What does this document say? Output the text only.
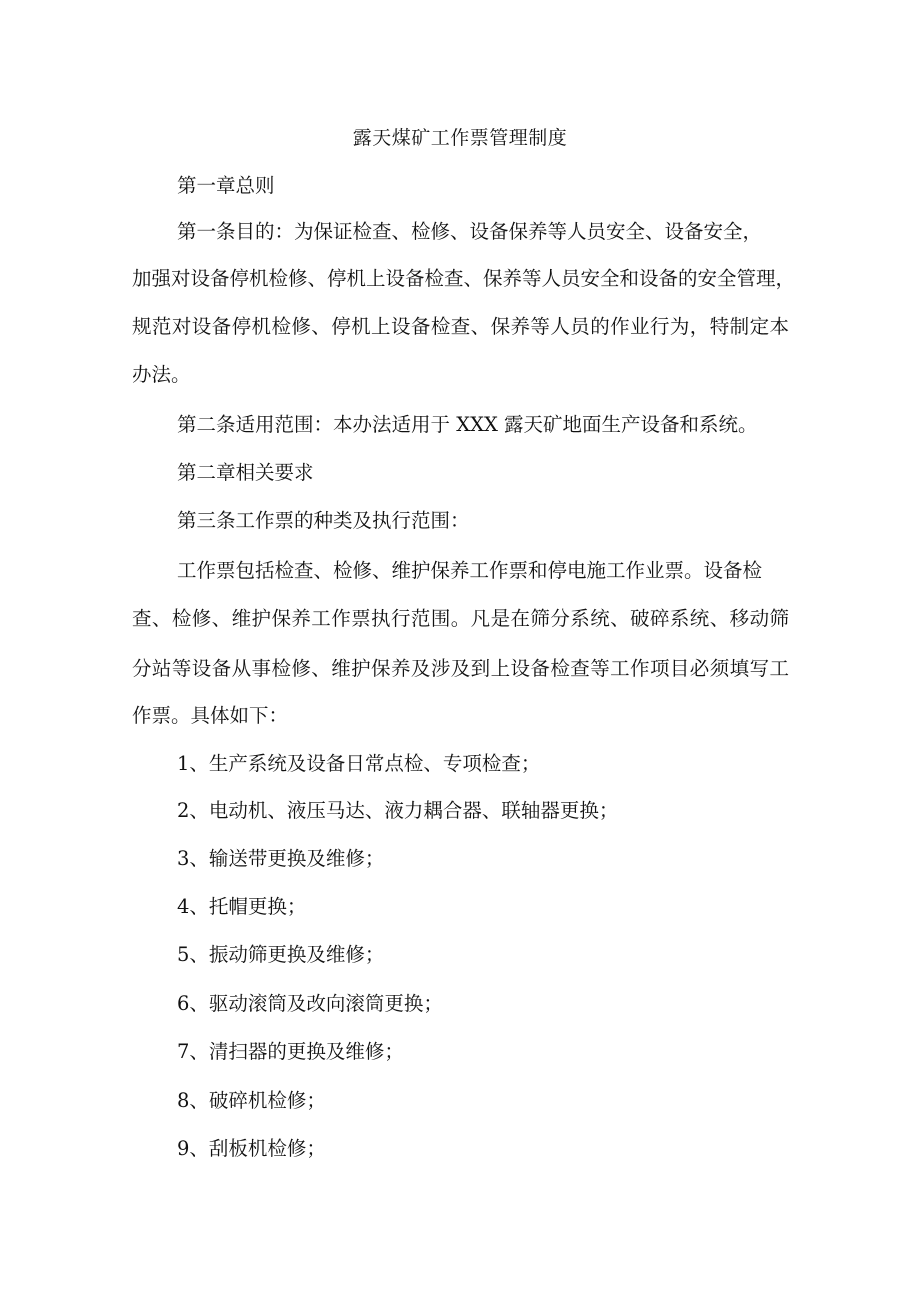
露天煤矿工作票管理制度
第一章总则
第一条目的：为保证检查、检修、设备保养等人员安全、设备安全，
加强对设备停机检修、停机上设备检查、保养等人员安全和设备的安全管理，
规范对设备停机检修、停机上设备检查、保养等人员的作业行为，特制定本
办法。
第二条适用范围：本办法适用于 XXX 露天矿地面生产设备和系统。
第二章相关要求
第三条工作票的种类及执行范围：
工作票包括检查、检修、维护保养工作票和停电施工作业票。设备检
查、检修、维护保养工作票执行范围。凡是在筛分系统、破碎系统、移动筛
分站等设备从事检修、维护保养及涉及到上设备检查等工作项目必须填写工
作票。具体如下：
1、生产系统及设备日常点检、专项检查；
2、电动机、液压马达、液力耦合器、联轴器更换；
3、输送带更换及维修；
4、托帽更换；
5、振动筛更换及维修；
6、驱动滚筒及改向滚筒更换；
7、清扫器的更换及维修；
8、破碎机检修；
9、刮板机检修；
